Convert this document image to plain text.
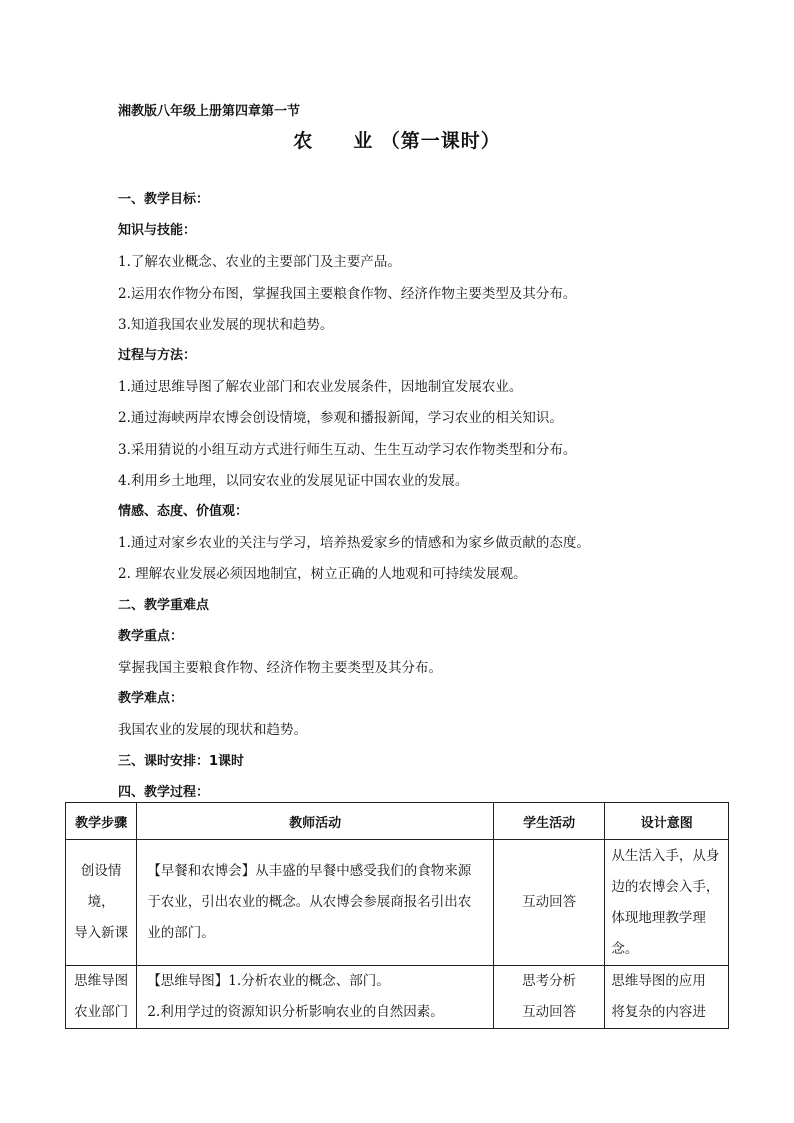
湘教版八年级上册第四章第一节
农　　业 （第一课时）
一、教学目标：
知识与技能：
1.了解农业概念、农业的主要部门及主要产品。
2.运用农作物分布图，掌握我国主要粮食作物、经济作物主要类型及其分布。
3.知道我国农业发展的现状和趋势。
过程与方法：
1.通过思维导图了解农业部门和农业发展条件，因地制宜发展农业。
2.通过海峡两岸农博会创设情境，参观和播报新闻，学习农业的相关知识。
3.采用猜说的小组互动方式进行师生互动、生生互动学习农作物类型和分布。
4.利用乡土地理，以同安农业的发展见证中国农业的发展。
情感、态度、价值观：
1.通过对家乡农业的关注与学习，培养热爱家乡的情感和为家乡做贡献的态度。
2. 理解农业发展必须因地制宜，树立正确的人地观和可持续发展观。
二、教学重难点
教学重点：
掌握我国主要粮食作物、经济作物主要类型及其分布。
教学难点：
我国农业的发展的现状和趋势。
三、课时安排：1课时
四、教学过程：
教学步骤	教师活动	学生活动	设计意图

创设情境，
导入新课	【早餐和农博会】从丰盛的早餐中感受我们的食物来源
于农业，引出农业的概念。从农博会参展商报名引出农
业的部门。	互动回答	从生活入手，从身
边的农博会入手，
体现地理教学理
念。

思维导图
农业部门	【思维导图】1.分析农业的概念、部门。
2.利用学过的资源知识分析影响农业的自然因素。	思考分析
互动回答	思维导图的应用
将复杂的内容进
